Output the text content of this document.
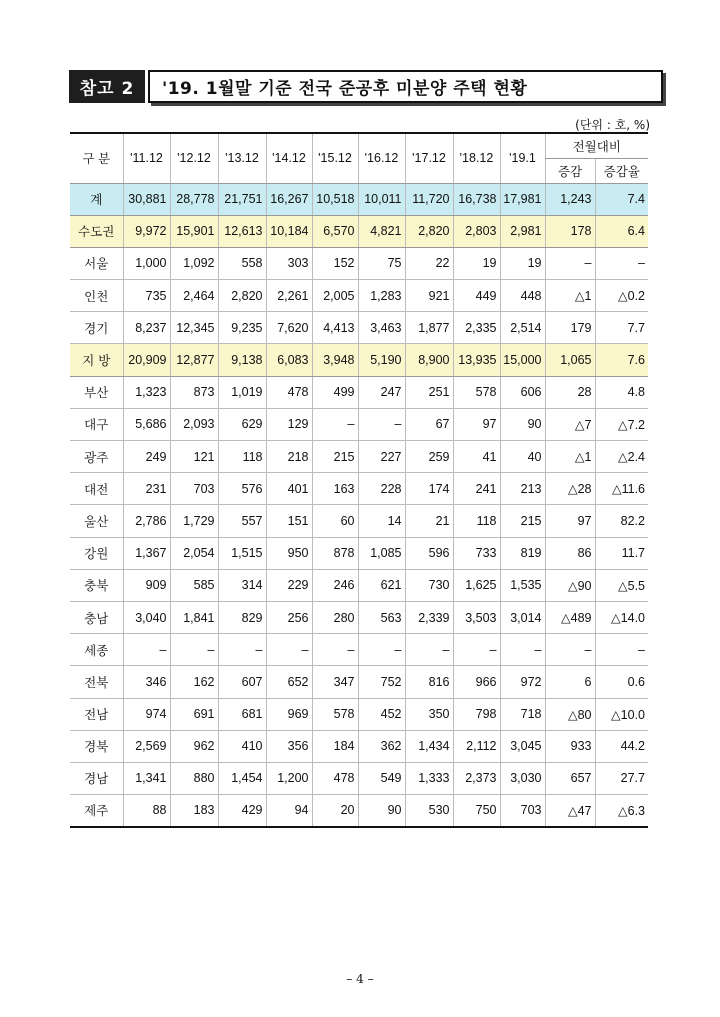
참고 2	'19. 1월말 기준 전국 준공후 미분양 주택 현황
(단위 : 호, %)
구 분	'11.12	'12.12	'13.12	'14.12	'15.12	'16.12	'17.12	'18.12	'19.1	전월대비	
										증감	증감율
계	30,881	28,778	21,751	16,267	10,518	10,011	11,720	16,738	17,981	1,243	7.4
수도권	9,972	15,901	12,613	10,184	6,570	4,821	2,820	2,803	2,981	178	6.4
서울	1,000	1,092	558	303	152	75	22	19	19	–	–
인천	735	2,464	2,820	2,261	2,005	1,283	921	449	448	△1	△0.2
경기	8,237	12,345	9,235	7,620	4,413	3,463	1,877	2,335	2,514	179	7.7
지 방	20,909	12,877	9,138	6,083	3,948	5,190	8,900	13,935	15,000	1,065	7.6
부산	1,323	873	1,019	478	499	247	251	578	606	28	4.8
대구	5,686	2,093	629	129	–	–	67	97	90	△7	△7.2
광주	249	121	118	218	215	227	259	41	40	△1	△2.4
대전	231	703	576	401	163	228	174	241	213	△28	△11.6
울산	2,786	1,729	557	151	60	14	21	118	215	97	82.2
강원	1,367	2,054	1,515	950	878	1,085	596	733	819	86	11.7
충북	909	585	314	229	246	621	730	1,625	1,535	△90	△5.5
충남	3,040	1,841	829	256	280	563	2,339	3,503	3,014	△489	△14.0
세종	–	–	–	–	–	–	–	–	–	–	–
전북	346	162	607	652	347	752	816	966	972	6	0.6
전남	974	691	681	969	578	452	350	798	718	△80	△10.0
경북	2,569	962	410	356	184	362	1,434	2,112	3,045	933	44.2
경남	1,341	880	1,454	1,200	478	549	1,333	2,373	3,030	657	27.7
제주	88	183	429	94	20	90	530	750	703	△47	△6.3
– 4 –
